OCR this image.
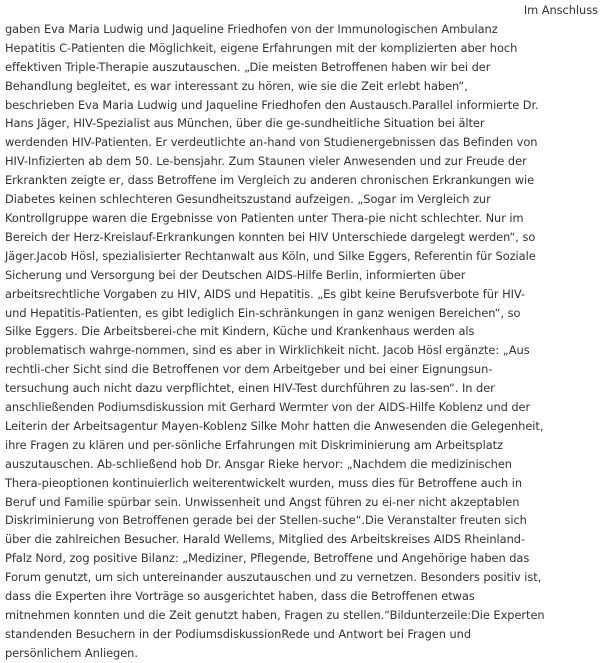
Im Anschluss
gaben Eva Maria Ludwig und Jaqueline Friedhofen von der Immunologischen Ambulanz
Hepatitis C-Patienten die Möglichkeit, eigene Erfahrungen mit der komplizierten aber hoch
effektiven Triple-Therapie auszutauschen. „Die meisten Betroffenen haben wir bei der
Behandlung begleitet, es war interessant zu hören, wie sie die Zeit erlebt haben“,
beschrieben Eva Maria Ludwig und Jaqueline Friedhofen den Austausch.Parallel informierte Dr.
Hans Jäger, HIV-Spezialist aus München, über die ge-sundheitliche Situation bei älter
werdenden HIV-Patienten. Er verdeutlichte an-hand von Studienergebnissen das Befinden von
HIV-Infizierten ab dem 50. Le-bensjahr. Zum Staunen vieler Anwesenden und zur Freude der
Erkrankten zeigte er, dass Betroffene im Vergleich zu anderen chronischen Erkrankungen wie
Diabetes keinen schlechteren Gesundheitszustand aufzeigen. „Sogar im Vergleich zur
Kontrollgruppe waren die Ergebnisse von Patienten unter Thera-pie nicht schlechter. Nur im
Bereich der Herz-Kreislauf-Erkrankungen konnten bei HIV Unterschiede dargelegt werden“, so
Jäger.Jacob Hösl, spezialisierter Rechtanwalt aus Köln, und Silke Eggers, Referentin für Soziale
Sicherung und Versorgung bei der Deutschen AIDS-Hilfe Berlin, informierten über
arbeitsrechtliche Vorgaben zu HIV, AIDS und Hepatitis. „Es gibt keine Berufsverbote für HIV-
und Hepatitis-Patienten, es gibt lediglich Ein-schränkungen in ganz wenigen Bereichen“, so
Silke Eggers. Die Arbeitsberei-che mit Kindern, Küche und Krankenhaus werden als
problematisch wahrge-nommen, sind es aber in Wirklichkeit nicht. Jacob Hösl ergänzte: „Aus
rechtli-cher Sicht sind die Betroffenen vor dem Arbeitgeber und bei einer Eignungsun-
tersuchung auch nicht dazu verpflichtet, einen HIV-Test durchführen zu las-sen“. In der
anschließenden Podiumsdiskussion mit Gerhard Wermter von der AIDS-Hilfe Koblenz und der
Leiterin der Arbeitsagentur Mayen-Koblenz Silke Mohr hatten die Anwesenden die Gelegenheit,
ihre Fragen zu klären und per-sönliche Erfahrungen mit Diskriminierung am Arbeitsplatz
auszutauschen. Ab-schließend hob Dr. Ansgar Rieke hervor: „Nachdem die medizinischen
Thera-pieoptionen kontinuierlich weiterentwickelt wurden, muss dies für Betroffene auch in
Beruf und Familie spürbar sein. Unwissenheit und Angst führen zu ei-ner nicht akzeptablen
Diskriminierung von Betroffenen gerade bei der Stellen-suche“.Die Veranstalter freuten sich
über die zahlreichen Besucher. Harald Wellems, Mitglied des Arbeitskreises AIDS Rheinland-
Pfalz Nord, zog positive Bilanz: „Mediziner, Pflegende, Betroffene und Angehörige haben das
Forum genutzt, um sich untereinander auszutauschen und zu vernetzen. Besonders positiv ist,
dass die Experten ihre Vorträge so ausgerichtet haben, dass die Betroffenen etwas
mitnehmen konnten und die Zeit genutzt haben, Fragen zu stellen.“Bildunterzeile:Die Experten
standenden Besuchern in der PodiumsdiskussionRede und Antwort bei Fragen und
persönlichem Anliegen.
